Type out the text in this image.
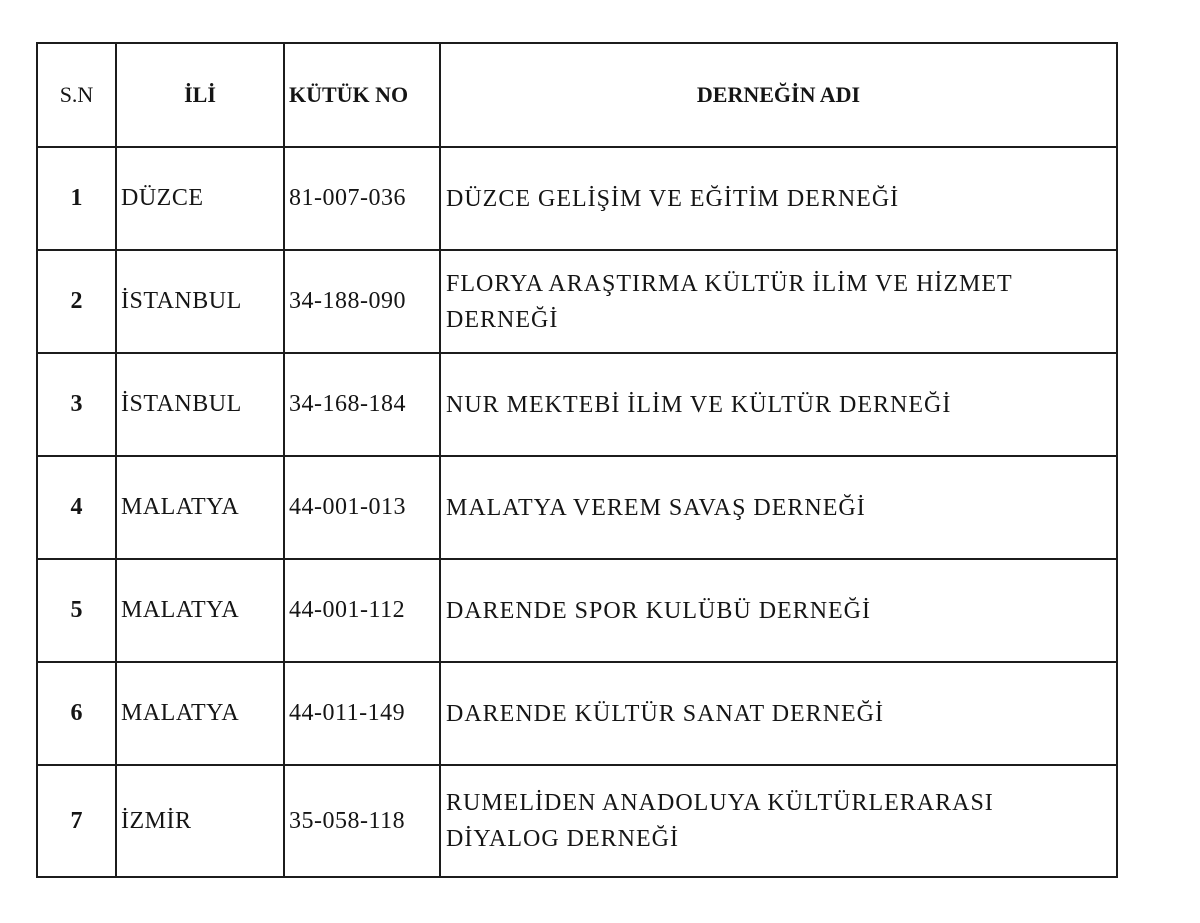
S.N	İLİ	KÜTÜK NO	DERNEĞİN ADI
1	DÜZCE	81-007-036	DÜZCE GELİŞİM VE EĞİTİM DERNEĞİ
2	İSTANBUL	34-188-090	FLORYA ARAŞTIRMA KÜLTÜR İLİM VE HİZMET DERNEĞİ
3	İSTANBUL	34-168-184	NUR MEKTEBİ İLİM VE KÜLTÜR DERNEĞİ
4	MALATYA	44-001-013	MALATYA VEREM SAVAŞ DERNEĞİ
5	MALATYA	44-001-112	DARENDE SPOR KULÜBÜ DERNEĞİ
6	MALATYA	44-011-149	DARENDE KÜLTÜR SANAT DERNEĞİ
7	İZMİR	35-058-118	RUMELİDEN ANADOLUYA KÜLTÜRLERARASI DİYALOG DERNEĞİ
